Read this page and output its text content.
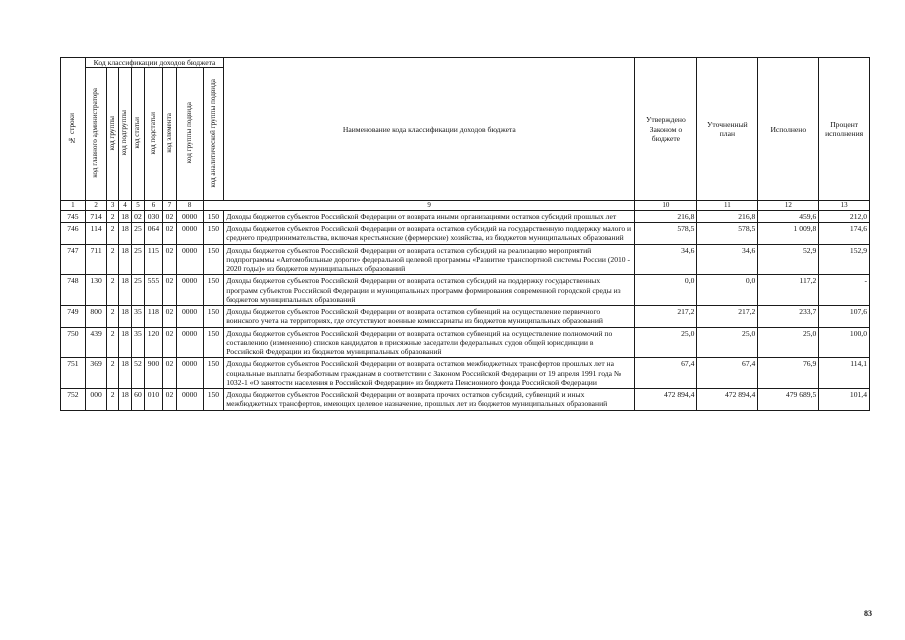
№ строки	Код классификации доходов бюджета								Наименование кода классификации доходов бюджета	Утверждено Законом о бюджете	Уточненный план	Исполнено	Процент исполнения
	код главного администратора	код группы	код подгруппы	код статьи	код подстатьи	код элемента	код группы подвида	код аналитической группы подвида					
1	2	3	4	5	6	7	8		9	10	11	12	13
745	714	2	18	02	030	02	0000	150	Доходы бюджетов субъектов Российской Федерации от возврата иными организациями остатков субсидий прошлых лет	216,8	216,8	459,6	212,0
746	114	2	18	25	064	02	0000	150	Доходы бюджетов субъектов Российской Федерации от возврата остатков субсидий на государственную поддержку малого и среднего предпринимательства, включая крестьянские (фермерские) хозяйства, из бюджетов муниципальных образований	578,5	578,5	1 009,8	174,6
747	711	2	18	25	115	02	0000	150	Доходы бюджетов субъектов Российской Федерации от возврата остатков субсидий на реализацию мероприятий подпрограммы «Автомобильные дороги» федеральной целевой программы «Развитие транспортной системы России (2010 - 2020 годы)» из бюджетов муниципальных образований	34,6	34,6	52,9	152,9
748	130	2	18	25	555	02	0000	150	Доходы бюджетов субъектов Российской Федерации от возврата остатков субсидий на поддержку государственных программ субъектов Российской Федерации и муниципальных программ формирования современной городской среды из бюджетов муниципальных образований	0,0	0,0	117,2	-
749	800	2	18	35	118	02	0000	150	Доходы бюджетов субъектов Российской Федерации от возврата остатков субвенций на осуществление первичного воинского учета на территориях, где отсутствуют военные комиссариаты из бюджетов муниципальных образований	217,2	217,2	233,7	107,6
750	439	2	18	35	120	02	0000	150	Доходы бюджетов субъектов Российской Федерации от возврата остатков субвенций на осуществление полномочий по составлению (изменению) списков кандидатов в присяжные заседатели федеральных судов общей юрисдикции в Российской Федерации из бюджетов муниципальных образований	25,0	25,0	25,0	100,0
751	369	2	18	52	900	02	0000	150	Доходы бюджетов субъектов Российской Федерации от возврата остатков межбюджетных трансфертов прошлых лет на социальные выплаты безработным гражданам в соответствии с Законом Российской Федерации от 19 апреля 1991 года № 1032-1 «О занятости населения в Российской Федерации» из бюджета Пенсионного фонда Российской Федерации	67,4	67,4	76,9	114,1
752	000	2	18	60	010	02	0000	150	Доходы бюджетов субъектов Российской Федерации от возврата прочих остатков субсидий, субвенций и иных межбюджетных трансфертов, имеющих целевое назначение, прошлых лет из бюджетов муниципальных образований	472 894,4	472 894,4	479 689,5	101,4
83
